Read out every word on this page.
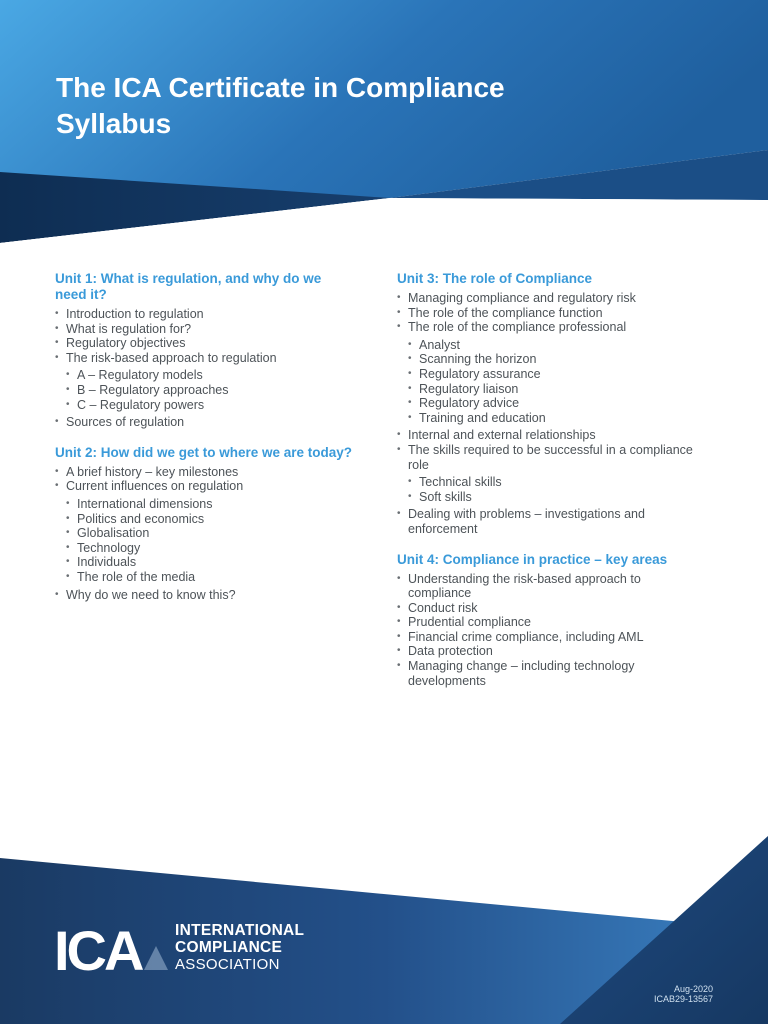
The ICA Certificate in Compliance
Syllabus
Unit 1: What is regulation, and why do we need it?
• Introduction to regulation
• What is regulation for?
• Regulatory objectives
• The risk-based approach to regulation
• A – Regulatory models
• B – Regulatory approaches
• C – Regulatory powers
• Sources of regulation
Unit 2: How did we get to where we are today?
• A brief history – key milestones
• Current influences on regulation
• International dimensions
• Politics and economics
• Globalisation
• Technology
• Individuals
• The role of the media
• Why do we need to know this?
Unit 3: The role of Compliance
• Managing compliance and regulatory risk
• The role of the compliance function
• The role of the compliance professional
• Analyst
• Scanning the horizon
• Regulatory assurance
• Regulatory liaison
• Regulatory advice
• Training and education
• Internal and external relationships
• The skills required to be successful in a compliance role
• Technical skills
• Soft skills
• Dealing with problems – investigations and enforcement
Unit 4: Compliance in practice – key areas
• Understanding the risk-based approach to compliance
• Conduct risk
• Prudential compliance
• Financial crime compliance, including AML
• Data protection
• Managing change – including technology developments
ICA INTERNATIONAL
COMPLIANCE
ASSOCIATION
Aug-2020
ICAB29-13567
